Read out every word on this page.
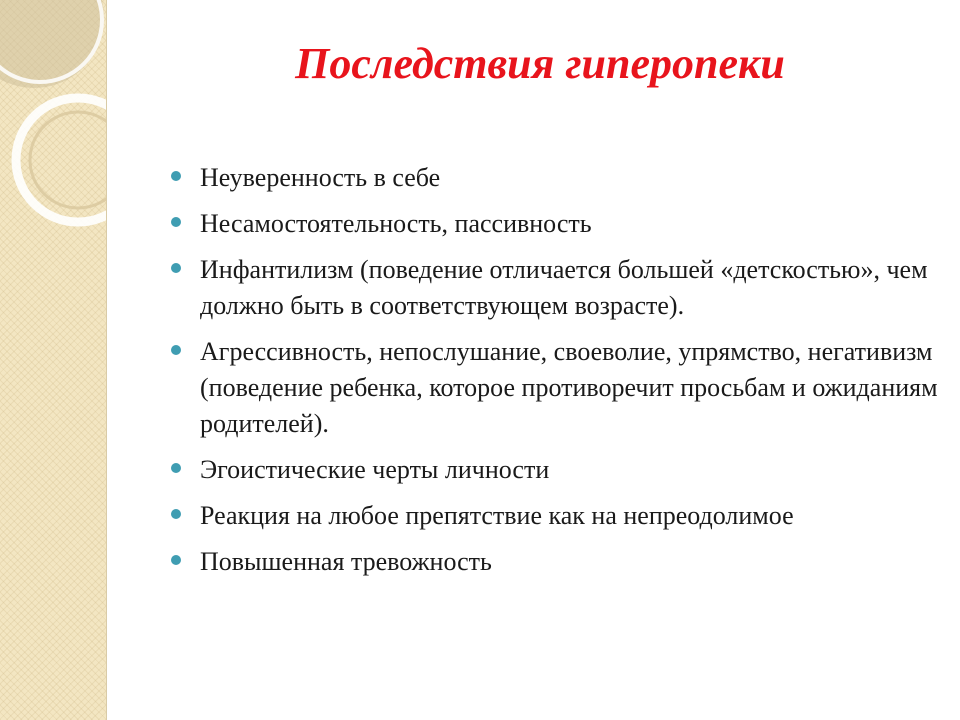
Последствия гиперопеки
Неуверенность в себе
Несамостоятельность, пассивность
Инфантилизм (поведение отличается большей «детскостью», чем должно быть в соответствующем возрасте).
Агрессивность, непослушание, своеволие, упрямство, негативизм (поведение ребенка, которое противоречит просьбам и ожиданиям родителей).
Эгоистические черты личности
Реакция на любое препятствие как на непреодолимое
Повышенная тревожность
